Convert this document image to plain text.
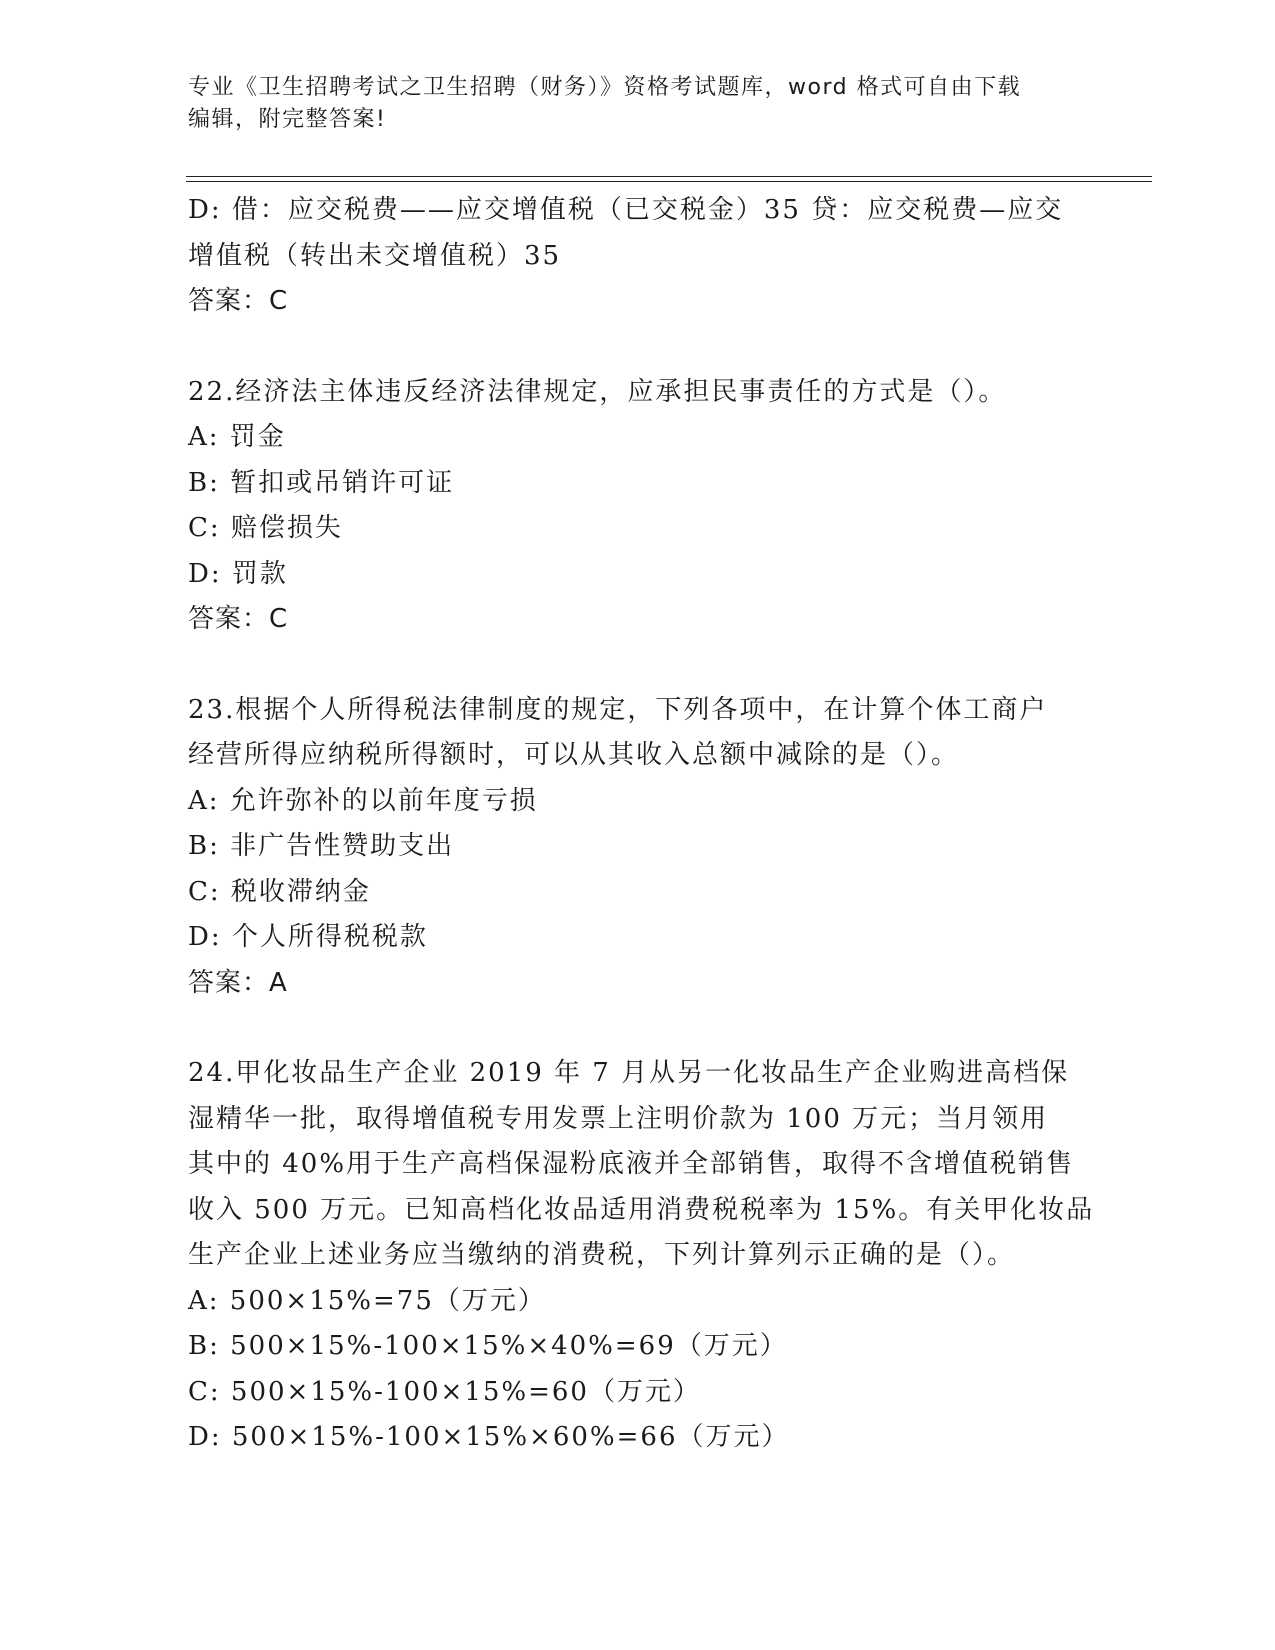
专业《卫生招聘考试之卫生招聘（财务）》资格考试题库，word 格式可自由下载
编辑，附完整答案!
D: 借：应交税费——应交增值税（已交税金）35 贷：应交税费—应交
增值税（转出未交增值税）35
答案：C
22.经济法主体违反经济法律规定，应承担民事责任的方式是（）。
A: 罚金
B: 暂扣或吊销许可证
C: 赔偿损失
D: 罚款
答案：C
23.根据个人所得税法律制度的规定，下列各项中，在计算个体工商户
经营所得应纳税所得额时，可以从其收入总额中减除的是（）。
A: 允许弥补的以前年度亏损
B: 非广告性赞助支出
C: 税收滞纳金
D: 个人所得税税款
答案：A
24.甲化妆品生产企业 2019 年 7 月从另一化妆品生产企业购进高档保
湿精华一批，取得增值税专用发票上注明价款为 100 万元；当月领用
其中的 40%用于生产高档保湿粉底液并全部销售，取得不含增值税销售
收入 500 万元。已知高档化妆品适用消费税税率为 15%。有关甲化妆品
生产企业上述业务应当缴纳的消费税，下列计算列示正确的是（）。
A: 500×15%=75（万元）
B: 500×15%-100×15%×40%=69（万元）
C: 500×15%-100×15%=60（万元）
D: 500×15%-100×15%×60%=66（万元）
